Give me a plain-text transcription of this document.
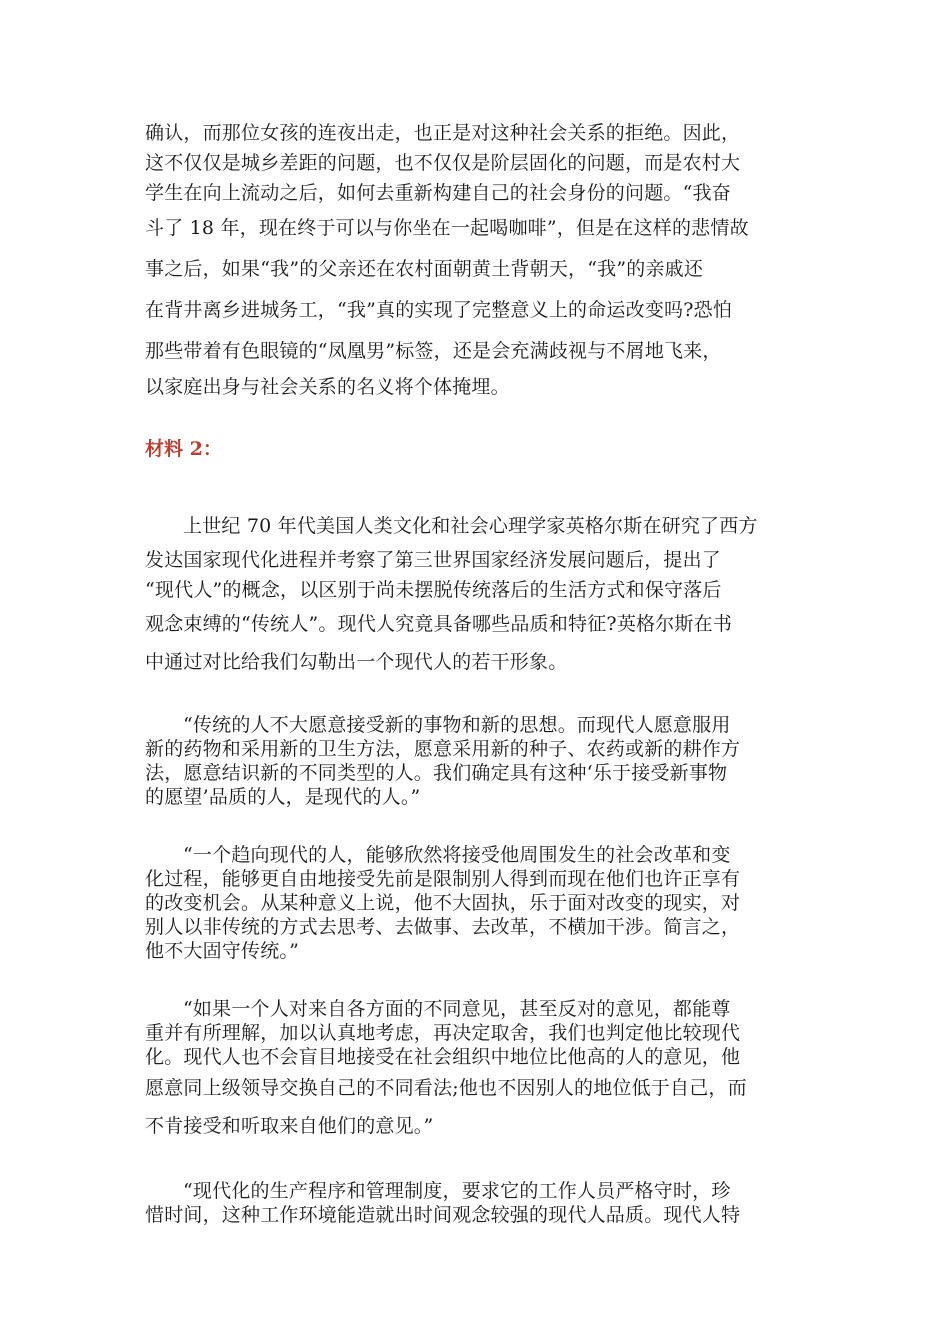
确认，而那位女孩的连夜出走，也正是对这种社会关系的拒绝。因此，

这不仅仅是城乡差距的问题，也不仅仅是阶层固化的问题，而是农村大

学生在向上流动之后，如何去重新构建自己的社会身份的问题。“我奋

斗了 18 年，现在终于可以与你坐在一起喝咖啡”，但是在这样的悲情故

事之后，如果“我”的父亲还在农村面朝黄土背朝天，“我”的亲戚还

在背井离乡进城务工，“我”真的实现了完整意义上的命运改变吗?恐怕

那些带着有色眼镜的“凤凰男”标签，还是会充满歧视与不屑地飞来，

以家庭出身与社会关系的名义将个体掩埋。

材料 2：

上世纪 70 年代美国人类文化和社会心理学家英格尔斯在研究了西方

发达国家现代化进程并考察了第三世界国家经济发展问题后，提出了

“现代人”的概念，以区别于尚未摆脱传统落后的生活方式和保守落后

观念束缚的“传统人”。现代人究竟具备哪些品质和特征?英格尔斯在书

中通过对比给我们勾勒出一个现代人的若干形象。

“传统的人不大愿意接受新的事物和新的思想。而现代人愿意服用

新的药物和采用新的卫生方法，愿意采用新的种子、农药或新的耕作方

法，愿意结识新的不同类型的人。我们确定具有这种‘乐于接受新事物

的愿望’品质的人，是现代的人。”

“一个趋向现代的人，能够欣然将接受他周围发生的社会改革和变

化过程，能够更自由地接受先前是限制别人得到而现在他们也许正享有

的改变机会。从某种意义上说，他不大固执，乐于面对改变的现实，对

别人以非传统的方式去思考、去做事、去改革，不横加干涉。简言之，

他不大固守传统。”

“如果一个人对来自各方面的不同意见，甚至反对的意见，都能尊

重并有所理解，加以认真地考虑，再决定取舍，我们也判定他比较现代

化。现代人也不会盲目地接受在社会组织中地位比他高的人的意见，他

愿意同上级领导交换自己的不同看法;他也不因别人的地位低于自己，而

不肯接受和听取来自他们的意见。”

“现代化的生产程序和管理制度，要求它的工作人员严格守时，珍

惜时间，这种工作环境能造就出时间观念较强的现代人品质。现代人特
